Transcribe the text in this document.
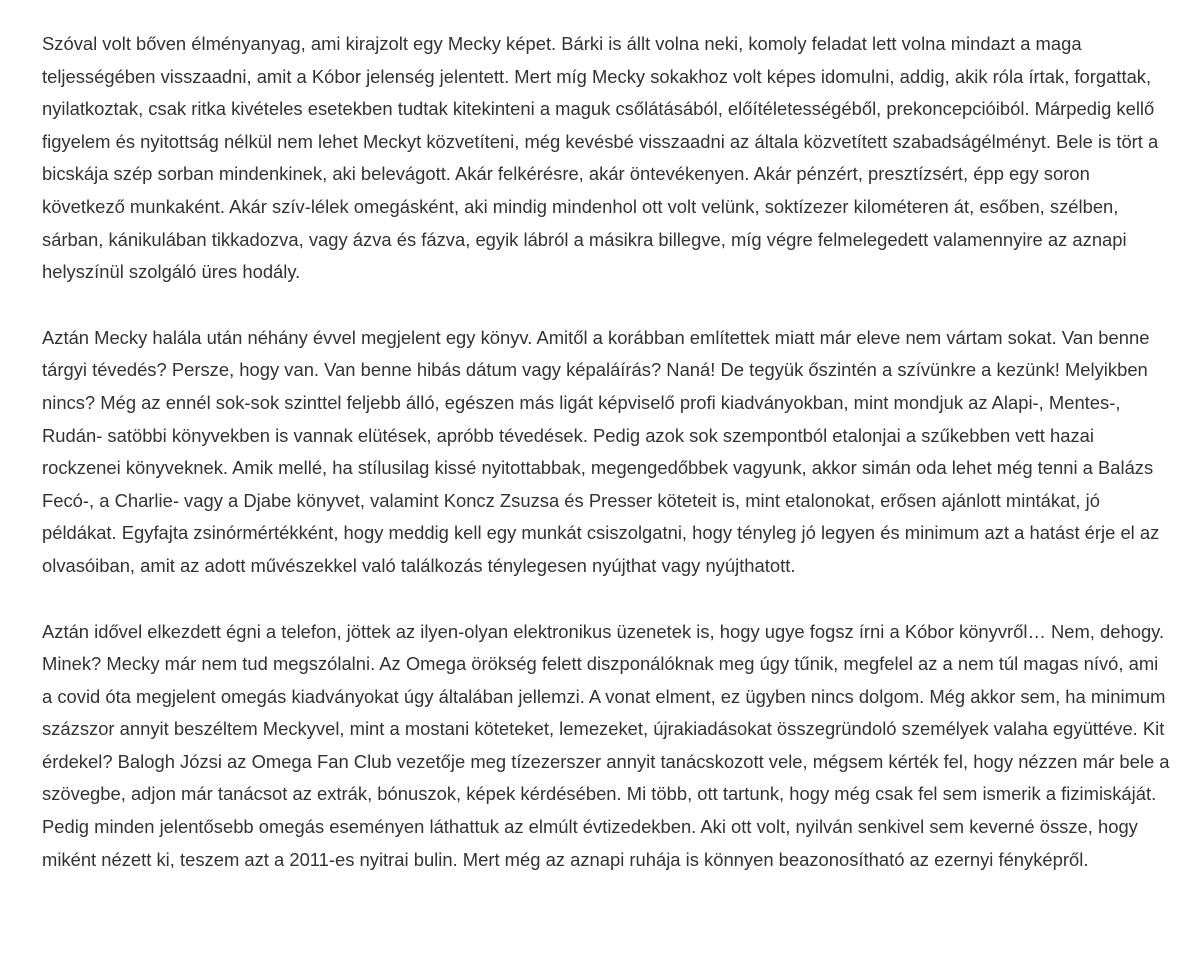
Szóval volt bőven élményanyag, ami kirajzolt egy Mecky képet. Bárki is állt volna neki, komoly feladat lett volna mindazt a maga teljességében visszaadni, amit a Kóbor jelenség jelentett. Mert míg Mecky sokakhoz volt képes idomulni, addig, akik róla írtak, forgattak, nyilatkoztak, csak ritka kivételes esetekben tudtak kitekinteni a maguk csőlátásából, előítéletességéből, prekoncepcióiból. Márpedig kellő figyelem és nyitottság nélkül nem lehet Meckyt közvetíteni, még kevésbé visszaadni az általa közvetített szabadságélményt. Bele is tört a bicskája szép sorban mindenkinek, aki belevágott. Akár felkérésre, akár öntevékenyen. Akár pénzért, presztízsért, épp egy soron következő munkaként. Akár szív-lélek omegásként, aki mindig mindenhol ott volt velünk, soktízezer kilométeren át, esőben, szélben, sárban, kánikulában tikkadozva, vagy ázva és fázva, egyik lábról a másikra billegve, míg végre felmelegedett valamennyire az aznapi helyszínül szolgáló üres hodály.

Aztán Mecky halála után néhány évvel megjelent egy könyv. Amitől a korábban említettek miatt már eleve nem vártam sokat. Van benne tárgyi tévedés? Persze, hogy van. Van benne hibás dátum vagy képaláírás? Naná! De tegyük őszintén a szívünkre a kezünk! Melyikben nincs? Még az ennél sok-sok szinttel feljebb álló, egészen más ligát képviselő profi kiadványokban, mint mondjuk az Alapi-, Mentes-, Rudán- satöbbi könyvekben is vannak elütések, apróbb tévedések. Pedig azok sok szempontból etalonjai a szűkebben vett hazai rockzenei könyveknek. Amik mellé, ha stílusilag kissé nyitottabbak, megengedőbbek vagyunk, akkor simán oda lehet még tenni a Balázs Fecó-, a Charlie- vagy a Djabe könyvet, valamint Koncz Zsuzsa és Presser köteteit is, mint etalonokat, erősen ajánlott mintákat, jó példákat. Egyfajta zsinórmértékként, hogy meddig kell egy munkát csiszolgatni, hogy tényleg jó legyen és minimum azt a hatást érje el az olvasóiban, amit az adott művészekkel való találkozás ténylegesen nyújthat vagy nyújthatott.

Aztán idővel elkezdett égni a telefon, jöttek az ilyen-olyan elektronikus üzenetek is, hogy ugye fogsz írni a Kóbor könyvről… Nem, dehogy. Minek? Mecky már nem tud megszólalni. Az Omega örökség felett diszponálóknak meg úgy tűnik, megfelel az a nem túl magas nívó, ami a covid óta megjelent omegás kiadványokat úgy általában jellemzi. A vonat elment, ez ügyben nincs dolgom. Még akkor sem, ha minimum százszor annyit beszéltem Meckyvel, mint a mostani köteteket, lemezeket, újrakiadásokat összegründoló személyek valaha együttéve. Kit érdekel? Balogh Józsi az Omega Fan Club vezetője meg tízezerszer annyit tanácskozott vele, mégsem kérték fel, hogy nézzen már bele a szövegbe, adjon már tanácsot az extrák, bónuszok, képek kérdésében. Mi több, ott tartunk, hogy még csak fel sem ismerik a fizimiskáját. Pedig minden jelentősebb omegás eseményen láthattuk az elmúlt évtizedekben. Aki ott volt, nyilván senkivel sem keverné össze, hogy miként nézett ki, teszem azt a 2011-es nyitrai bulin. Mert még az aznapi ruhája is könnyen beazonosítható az ezernyi fényképről.
